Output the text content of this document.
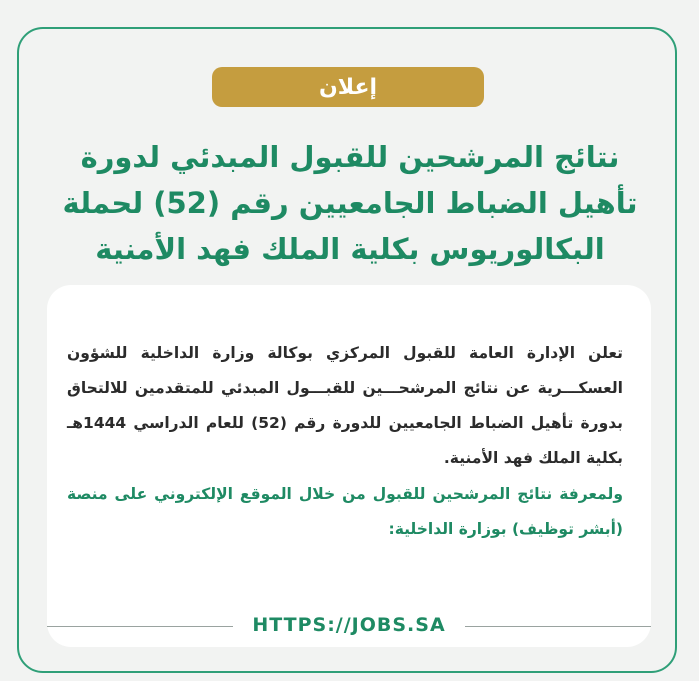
إعلان
نتائج المرشحين للقبول المبدئي لدورة تأهيل الضباط الجامعيين رقم (52) لحملة البكالوريوس بكلية الملك فهد الأمنية

تعلن الإدارة العامة للقبول المركزي بوكالة وزارة الداخلية للشؤون العسكـــرية عن نتائج المرشحـــين للقبـــول المبدئي للمتقدمين للالتحاق بدورة تأهيل الضباط الجامعيين للدورة رقم (52) للعام الدراسي 1444هـ بكلية الملك فهد الأمنية.

ولمعرفة نتائج المرشحين للقبول من خلال الموقع الإلكتروني على منصة (أبشر توظيف) بوزارة الداخلية:

HTTPS://JOBS.SA
